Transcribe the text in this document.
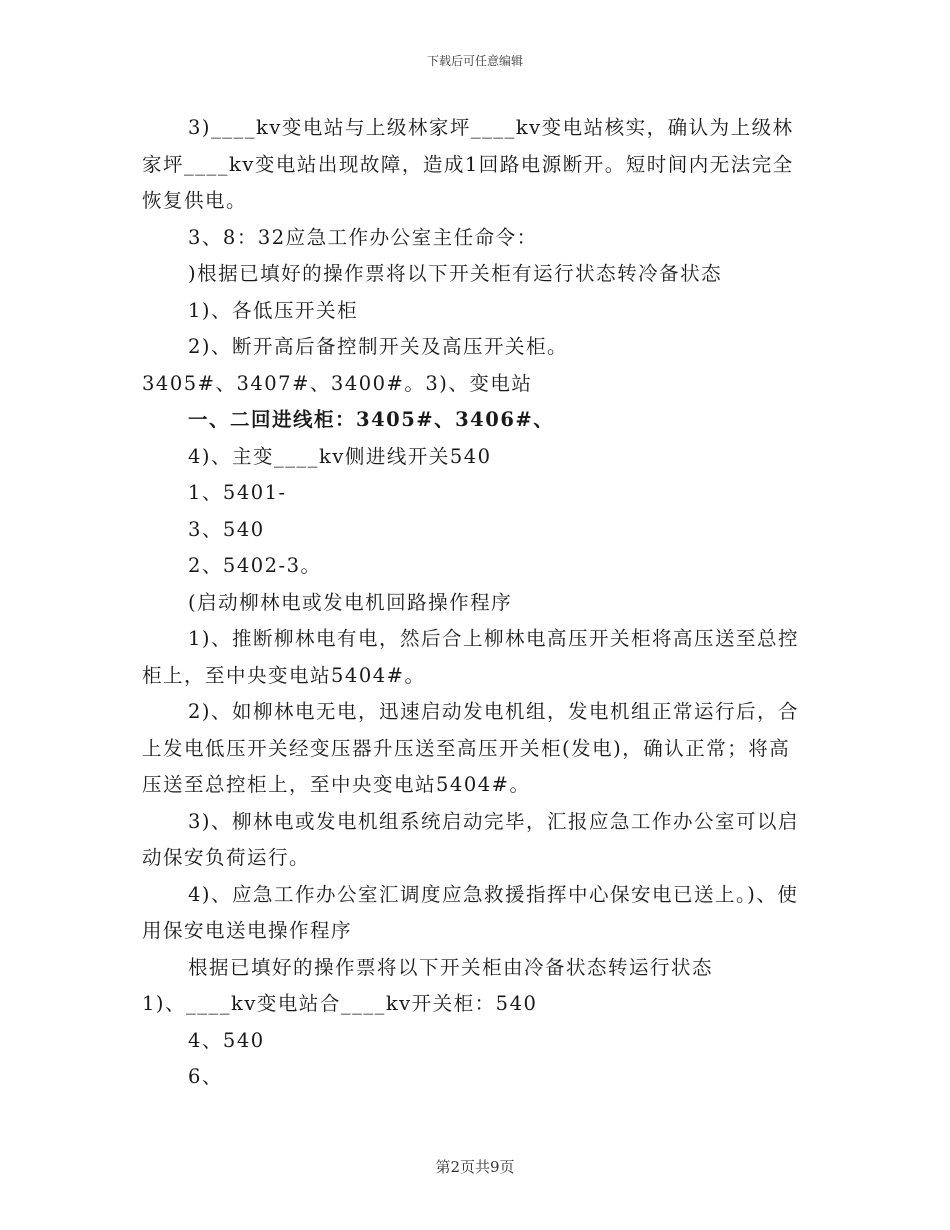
下载后可任意编辑

3)____kv变电站与上级林家坪____kv变电站核实，确认为上级林家坪____kv变电站出现故障，造成1回路电源断开。短时间内无法完全恢复供电。

3、8：32应急工作办公室主任命令：

)根据已填好的操作票将以下开关柜有运行状态转冷备状态

1)、各低压开关柜

2)、断开高后备控制开关及高压开关柜。

3405#、3407#、3400#。3)、变电站

一、二回进线柜：3405#、3406#、

4)、主变____kv侧进线开关540

1、5401-

3、540

2、5402-3。

(启动柳林电或发电机回路操作程序

1)、推断柳林电有电，然后合上柳林电高压开关柜将高压送至总控柜上，至中央变电站5404#。

2)、如柳林电无电，迅速启动发电机组，发电机组正常运行后，合上发电低压开关经变压器升压送至高压开关柜(发电)，确认正常；将高压送至总控柜上，至中央变电站5404#。

3)、柳林电或发电机组系统启动完毕，汇报应急工作办公室可以启动保安负荷运行。

4)、应急工作办公室汇调度应急救援指挥中心保安电已送上。)、使用保安电送电操作程序

根据已填好的操作票将以下开关柜由冷备状态转运行状态

1)、____kv变电站合____kv开关柜：540

4、540

6、

第2页共9页
